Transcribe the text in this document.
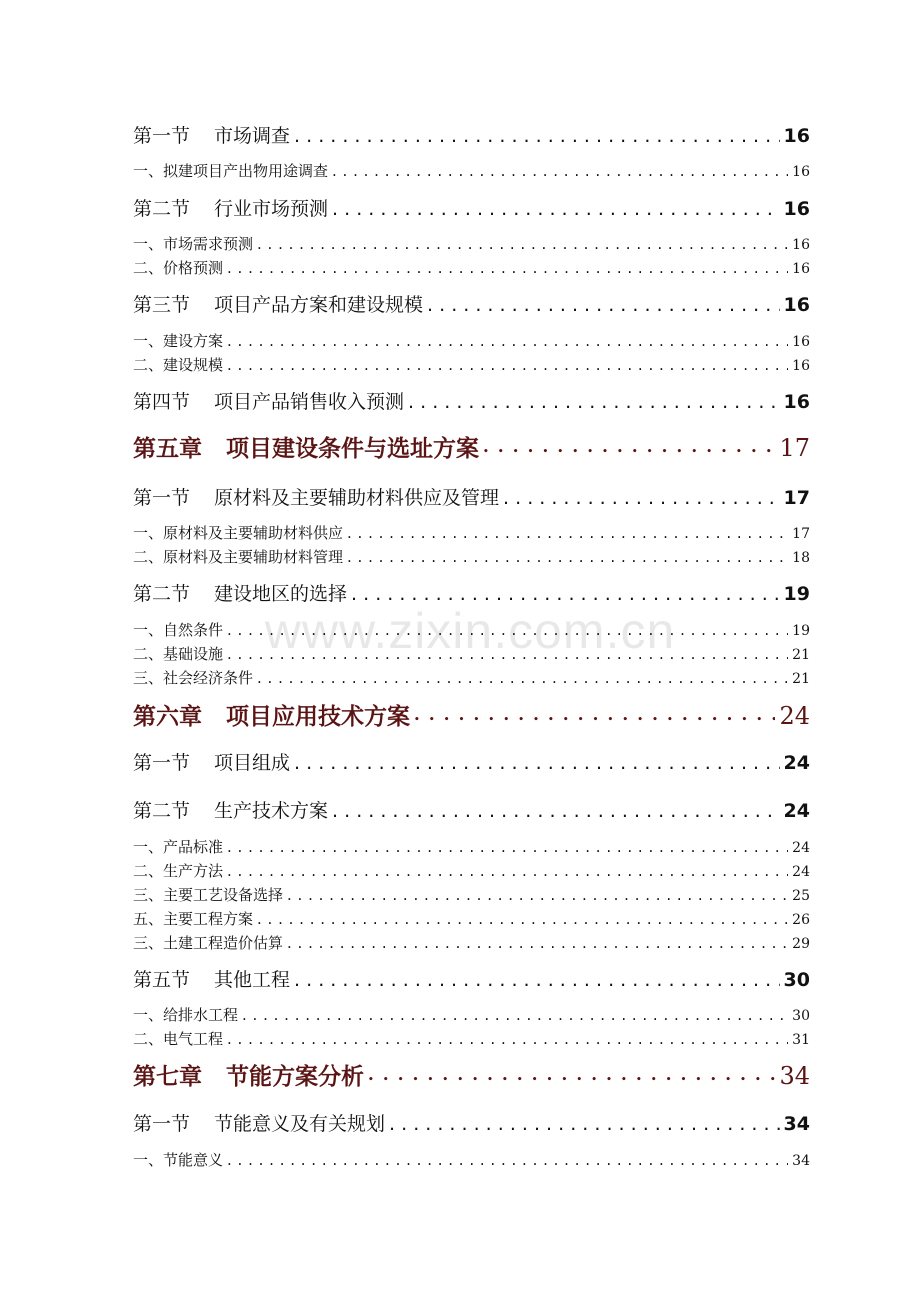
www.zixin.com.cn
第一节 市场调查 . . .	16
一、拟建项目产出物用途调查 . . .	16
第二节 行业市场预测 . . .	16
一、市场需求预测 . . .	16
二、价格预测 . . .	16
第三节 项目产品方案和建设规模 . . .	16
一、建设方案 . . .	16
二、建设规模 . . .	16
第四节 项目产品销售收入预测 . . .	16
第五章 项目建设条件与选址方案 • • •	17
第一节 原材料及主要辅助材料供应及管理 . . .	17
一、原材料及主要辅助材料供应 . . .	17
二、原材料及主要辅助材料管理 . . .	18
第二节 建设地区的选择 . . .	19
一、自然条件 . . .	19
二、基础设施 . . .	21
三、社会经济条件 . . .	21
第六章 项目应用技术方案 • • •	24
第一节 项目组成 . . .	24
第二节 生产技术方案 . . .	24
一、产品标准 . . .	24
二、生产方法 . . .	24
三、主要工艺设备选择 . . .	25
五、主要工程方案 . . .	26
三、土建工程造价估算 . . .	29
第五节 其他工程 . . .	30
一、给排水工程 . . .	30
二、电气工程 . . .	31
第七章 节能方案分析 • • •	34
第一节 节能意义及有关规划 . . .	34
一、节能意义 . . .	34
